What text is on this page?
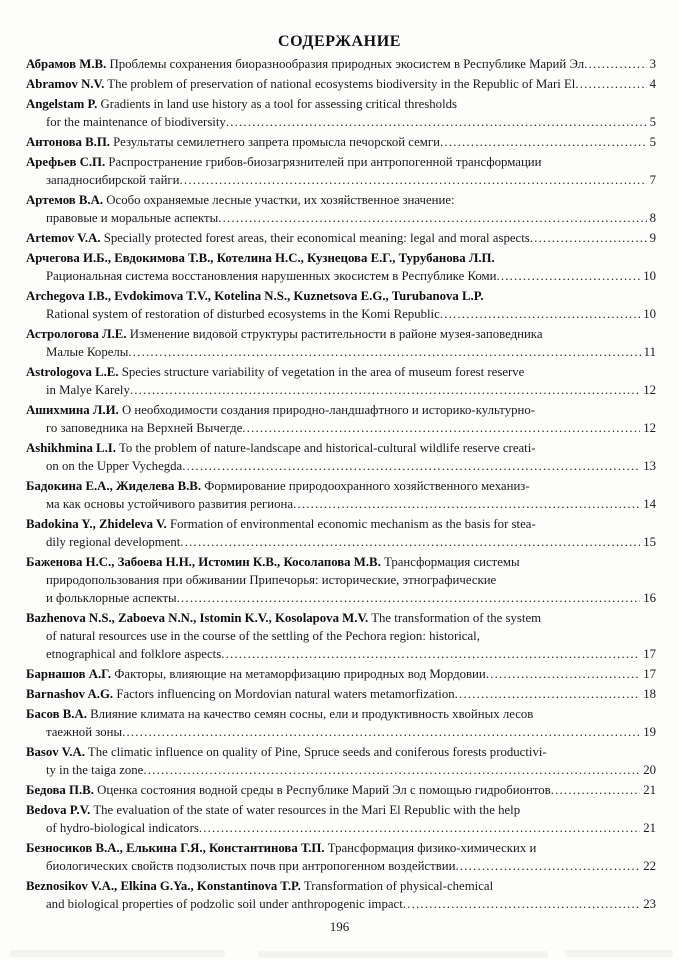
СОДЕРЖАНИЕ
Абрамов М.В. Проблемы сохранения биоразнообразия природных экосистем в Республике Марий Эл .....	3
Abramov N.V. The problem of preservation of national ecosystems biodiversity in the Republic of Mari El .....	4
Angelstam P. Gradients in land use history as a tool for assessing critical thresholds
for the maintenance of biodiversity .....	5
Антонова В.П. Результаты семилетнего запрета промысла печорской семги .....	5
Арефьев С.П. Распространение грибов-биозагрязнителей при антропогенной трансформации
западносибирской тайги .....	7
Артемов В.А. Особо охраняемые лесные участки, их хозяйственное значение:
правовые и моральные аспекты .....	8
Artemov V.A. Specially protected forest areas, their economical meaning: legal and moral aspects .....	9
Арчегова И.Б., Евдокимова Т.В., Котелина Н.С., Кузнецова Е.Г., Турубанова Л.П.
Рациональная система восстановления нарушенных экосистем в Республике Коми .....	10
Archegova I.B., Evdokimova T.V., Kotelina N.S., Kuznetsova E.G., Turubanova L.P.
Rational system of restoration of disturbed ecosystems in the Komi Republic .....	10
Астрологова Л.Е. Изменение видовой структуры растительности в районе музея-заповедника
Малые Корелы .....	11
Astrologova L.E. Species structure variability of vegetation in the area of museum forest reserve
in Malye Karely .....	12
Ашихмина Л.И. О необходимости создания природно-ландшафтного и историко-культурно-
го заповедника на Верхней Вычегде .....	12
Ashikhmina L.I. To the problem of nature-landscape and historical-cultural wildlife reserve creati-
on on the Upper Vychegda .....	13
Бадокина Е.А., Жиделева В.В. Формирование природоохранного хозяйственного механиз-
ма как основы устойчивого развития региона .....	14
Badokina Y., Zhideleva V. Formation of environmental economic mechanism as the basis for stea-
dily regional development .....	15
Баженова Н.С., Забоева Н.Н., Истомин К.В., Косолапова М.В. Трансформация системы
природопользования при обживании Припечорья: исторические, этнографические
и фольклорные аспекты .....	16
Bazhenova N.S., Zaboeva N.N., Istomin K.V., Kosolapova M.V. The transformation of the system
of natural resources use in the course of the settling of the Pechora region: historical,
etnographical and folklore aspects .....	17
Барнашов А.Г. Факторы, влияющие на метаморфизацию природных вод Мордовии .....	17
Barnashov A.G. Factors influencing on Mordovian natural waters metamorfization .....	18
Басов В.А. Влияние климата на качество семян сосны, ели и продуктивность хвойных лесов
таежной зоны .....	19
Basov V.A. The climatic influence on quality of Pine, Spruce seeds and coniferous forests productivi-
ty in the taiga zone .....	20
Бедова П.В. Оценка состояния водной среды в Республике Марий Эл с помощью гидробионтов .....	21
Bedova P.V. The evaluation of the state of water resources in the Mari El Republic with the help
of hydro-biological indicators .....	21
Безносиков В.А., Елькина Г.Я., Константинова Т.П. Трансформация физико-химических и
биологических свойств подзолистых почв при антропогенном воздействии .....	22
Beznosikov V.A., Elkina G.Ya., Konstantinova T.P. Transformation of physical-chemical
and biological properties of podzolic soil under anthropogenic impact .....	23
196
